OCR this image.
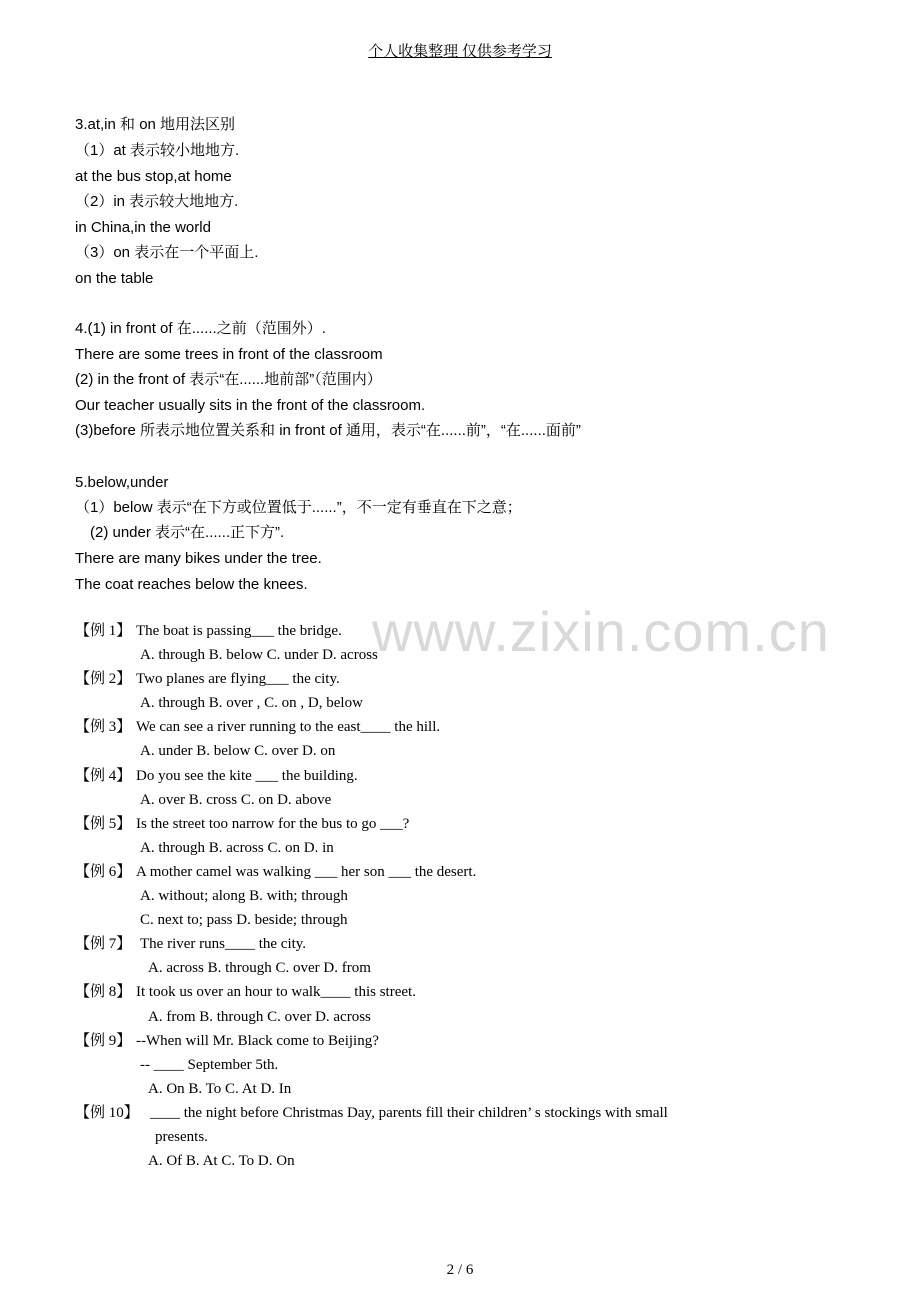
个人收集整理 仅供参考学习
www.zixin.com.cn
3.at,in 和 on 地用法区别
（1）at 表示较小地地方.
at the bus stop,at home
（2）in 表示较大地地方.
in China,in the world
（3）on 表示在一个平面上.
on the table
4.(1) in front of 在......之前（范围外）.
There are some trees in front of the classroom
(2) in the front of 表示“在......地前部”（范围内）
Our teacher usually sits in the front of the classroom.
(3)before 所表示地位置关系和 in front of 通用，表示“在......前”，“在......面前”
5.below,under
（1）below 表示“在下方或位置低于......”，不一定有垂直在下之意；
(2) under 表示“在......正下方”.
There are many bikes under the tree.
The coat reaches below the knees.
【例 1】 The boat is passing___ the bridge.
A. through B. below C. under D. across
【例 2】 Two planes are flying___ the city.
A. through B. over , C. on , D, below
【例 3】 We can see a river running to the east____ the hill.
A. under B. below C. over D. on
【例 4】 Do you see the kite ___ the building.
A. over B. cross C. on D. above
【例 5】 Is the street too narrow for the bus to go ___?
A. through B. across C. on D. in
【例 6】 A mother camel was walking ___ her son ___ the desert.
A. without; along B. with; through
C. next to; pass D. beside; through
【例 7】 The river runs____ the city.
A. across B. through C. over D. from
【例 8】 It took us over an hour to walk____ this street.
A. from B. through C. over D. across
【例 9】 --When will Mr. Black come to Beijing?
-- ____ September 5th.
A. On B. To C. At D. In
【例 10】 ____ the night before Christmas Day, parents fill their children’ s stockings with small
presents.
A. Of B. At C. To D. On
2 / 6
